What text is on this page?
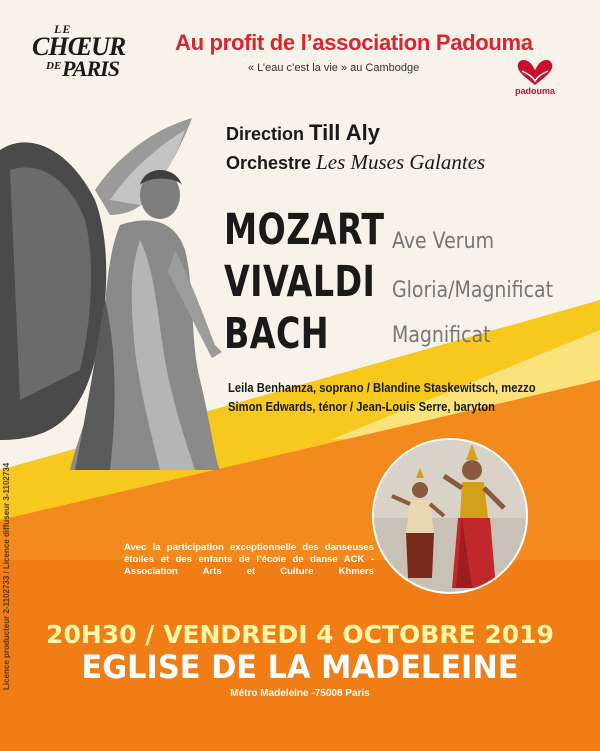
LE
CHŒUR
DE PARIS
Au profit de l’association Padouma
« L’eau c’est la vie » au Cambodge
padouma
Direction Till Aly
Orchestre Les Muses Galantes
MOZART Ave Verum
VIVALDI Gloria/Magnificat
BACH	Magnificat
Leila Benhamza, soprano / Blandine Staskewitsch, mezzo
Simon Edwards, ténor / Jean-Louis Serre, baryton
Avec la participation exceptionnelle des danseuses étoiles et des enfants de l’école de danse ACK - Association Arts et Culture Khmers
20H30 / VENDREDI 4 OCTOBRE 2019
EGLISE DE LA MADELEINE
Métro Madeleine -75008 Paris
Licence producteur 2-1102733 / Licence diffuseur 3-1102734
